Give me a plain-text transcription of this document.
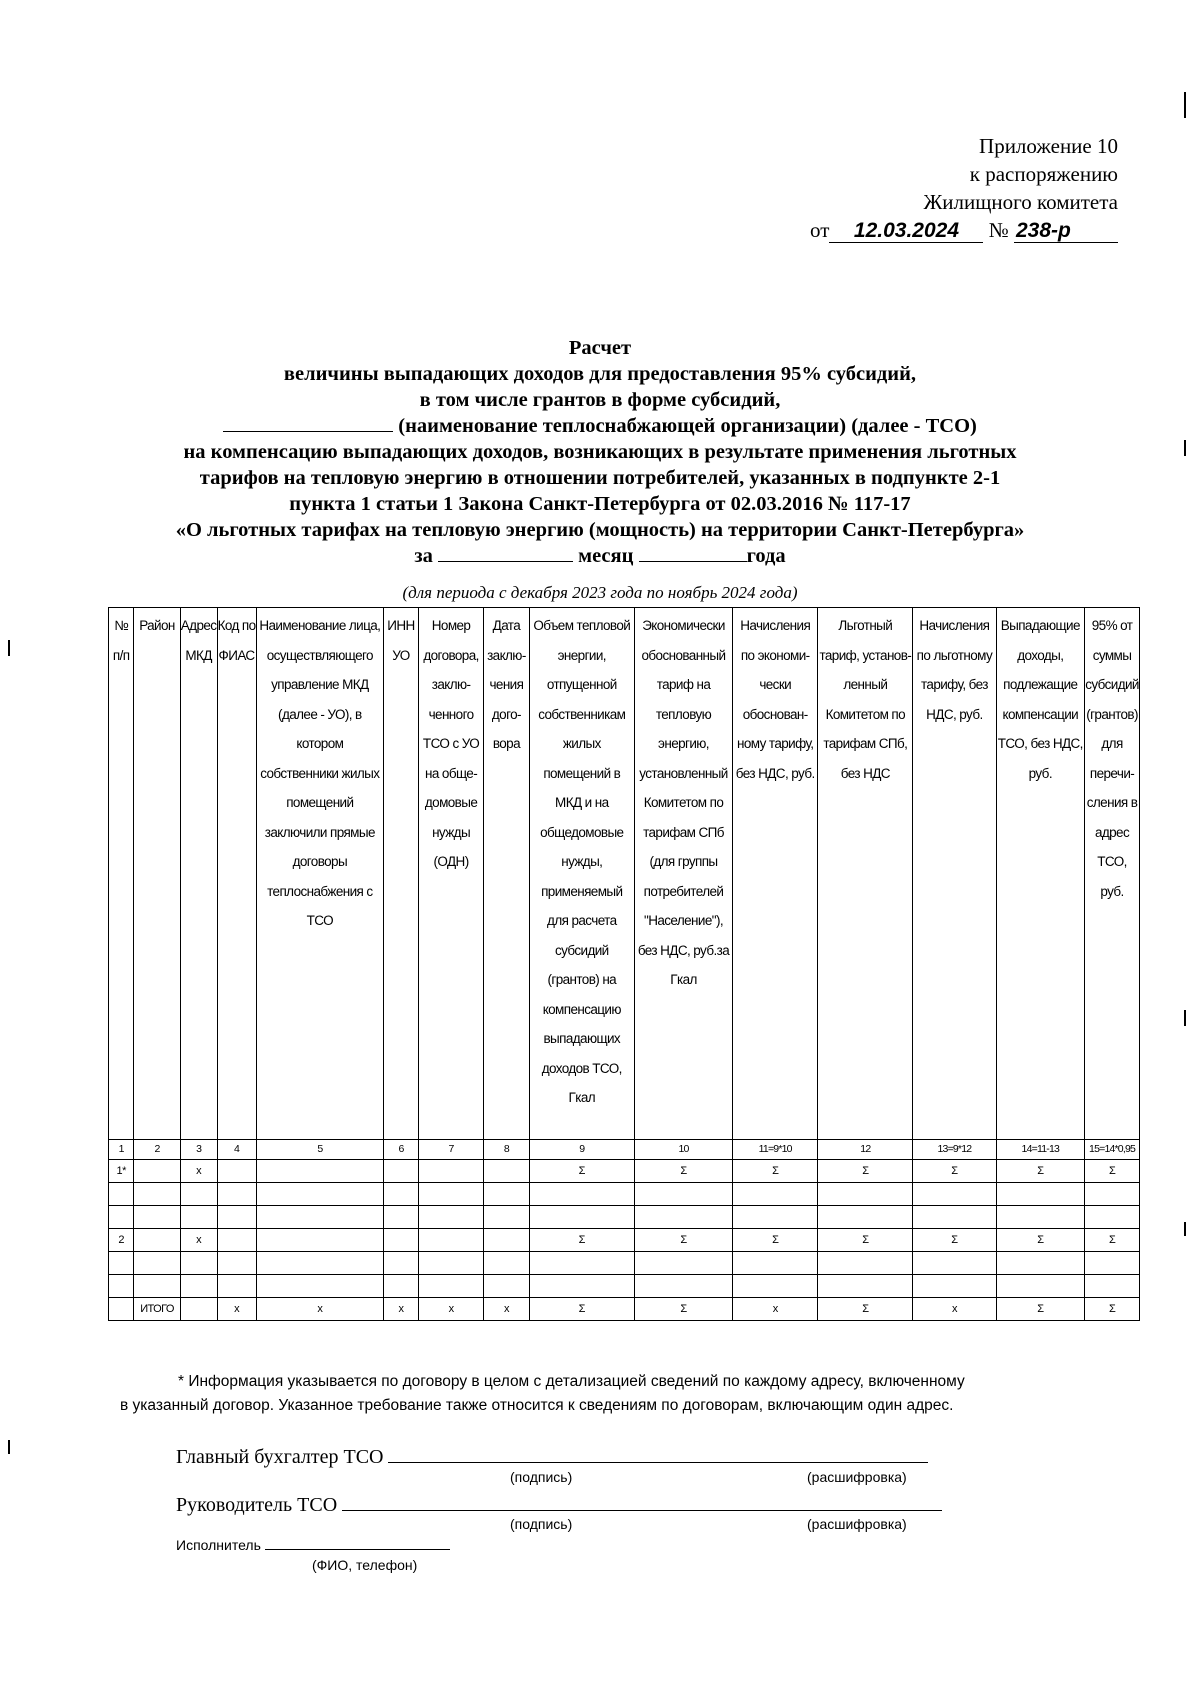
Приложение 10
к распоряжению
Жилищного комитета
от 12.03.2024 № 238-р
Расчет
величины выпадающих доходов для предоставления 95% субсидий,
в том числе грантов в форме субсидий,
(наименование теплоснабжающей организации) (далее - ТСО)
на компенсацию выпадающих доходов, возникающих в результате применения льготных
тарифов на тепловую энергию в отношении потребителей, указанных в подпункте 2-1
пункта 1 статьи 1 Закона Санкт-Петербурга от 02.03.2016 № 117-17
«О льготных тарифах на тепловую энергию (мощность) на территории Санкт-Петербурга»
за	месяц	года
(для периода с декабря 2023 года по ноябрь 2024 года)
№ п/п	Район	Адрес МКД	Код по ФИАС	Наименование лица, осуществляющего управление МКД (далее - УО), в котором собственники жилых помещений заключили прямые договоры теплоснабжения с ТСО	ИНН УО	Номер договора, заклю-ченного ТСО с УО на обще-домовые нужды (ОДН)	Дата заклю-чения дого-вора	Объем тепловой энергии, отпущенной собственникам жилых помещений в МКД и на общедомовые нужды, применяемый для расчета субсидий (грантов) на компенсацию выпадающих доходов ТСО, Гкал	Экономически обоснованный тариф на тепловую энергию, установленный Комитетом по тарифам СПб (для группы потребителей "Население"), без НДС, руб.за Гкал	Начисления по экономи-чески обоснован-ному тарифу, без НДС, руб.	Льготный тариф, установ-ленный Комитетом по тарифам СПб, без НДС	Начисления по льготному тарифу, без НДС, руб.	Выпадающие доходы, подлежащие компенсации ТСО, без НДС, руб.	95% от суммы субсидий (грантов) для перечи-сления в адрес ТСО, руб.
1	2	3	4	5	6	7	8	9	10	11=9*10	12	13=9*12	14=11-13	15=14*0,95
1*		x						Σ	Σ	Σ	Σ	Σ	Σ	Σ

2		x						Σ	Σ	Σ	Σ	Σ	Σ	Σ

	ИТОГО		x	x	x	x	x	Σ	Σ	x	Σ	x	Σ	Σ
* Информация указывается по договору в целом с детализацией сведений по каждому адресу, включенному
в указанный договор. Указанное требование также относится к сведениям по договорам, включающим один адрес.
Главный бухгалтер ТСО
(подпись)	(расшифровка)
Руководитель ТСО
(подпись)	(расшифровка)
Исполнитель
(ФИО, телефон)
